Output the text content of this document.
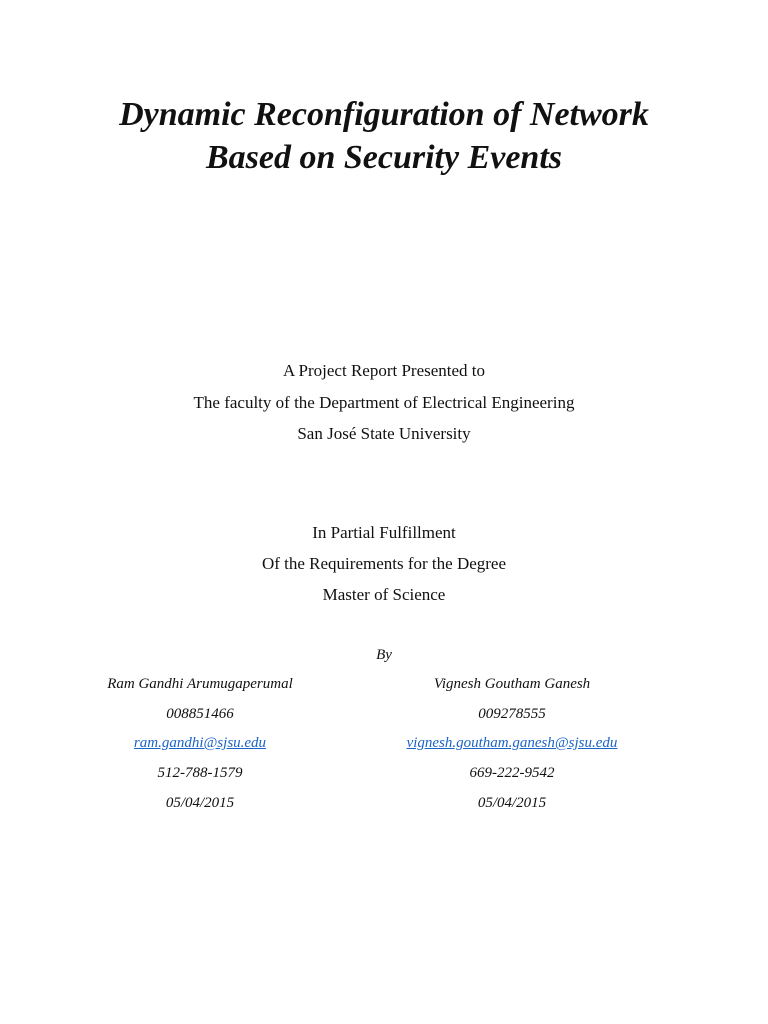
Dynamic Reconfiguration of Network
Based on Security Events

A Project Report Presented to

The faculty of the Department of Electrical Engineering

San José State University

In Partial Fulfillment

Of the Requirements for the Degree

Master of Science

By
Ram Gandhi Arumugaperumal
008851466
ram.gandhi@sjsu.edu
512-788-1579
05/04/2015
Vignesh Goutham Ganesh
009278555
vignesh.goutham.ganesh@sjsu.edu
669-222-9542
05/04/2015
